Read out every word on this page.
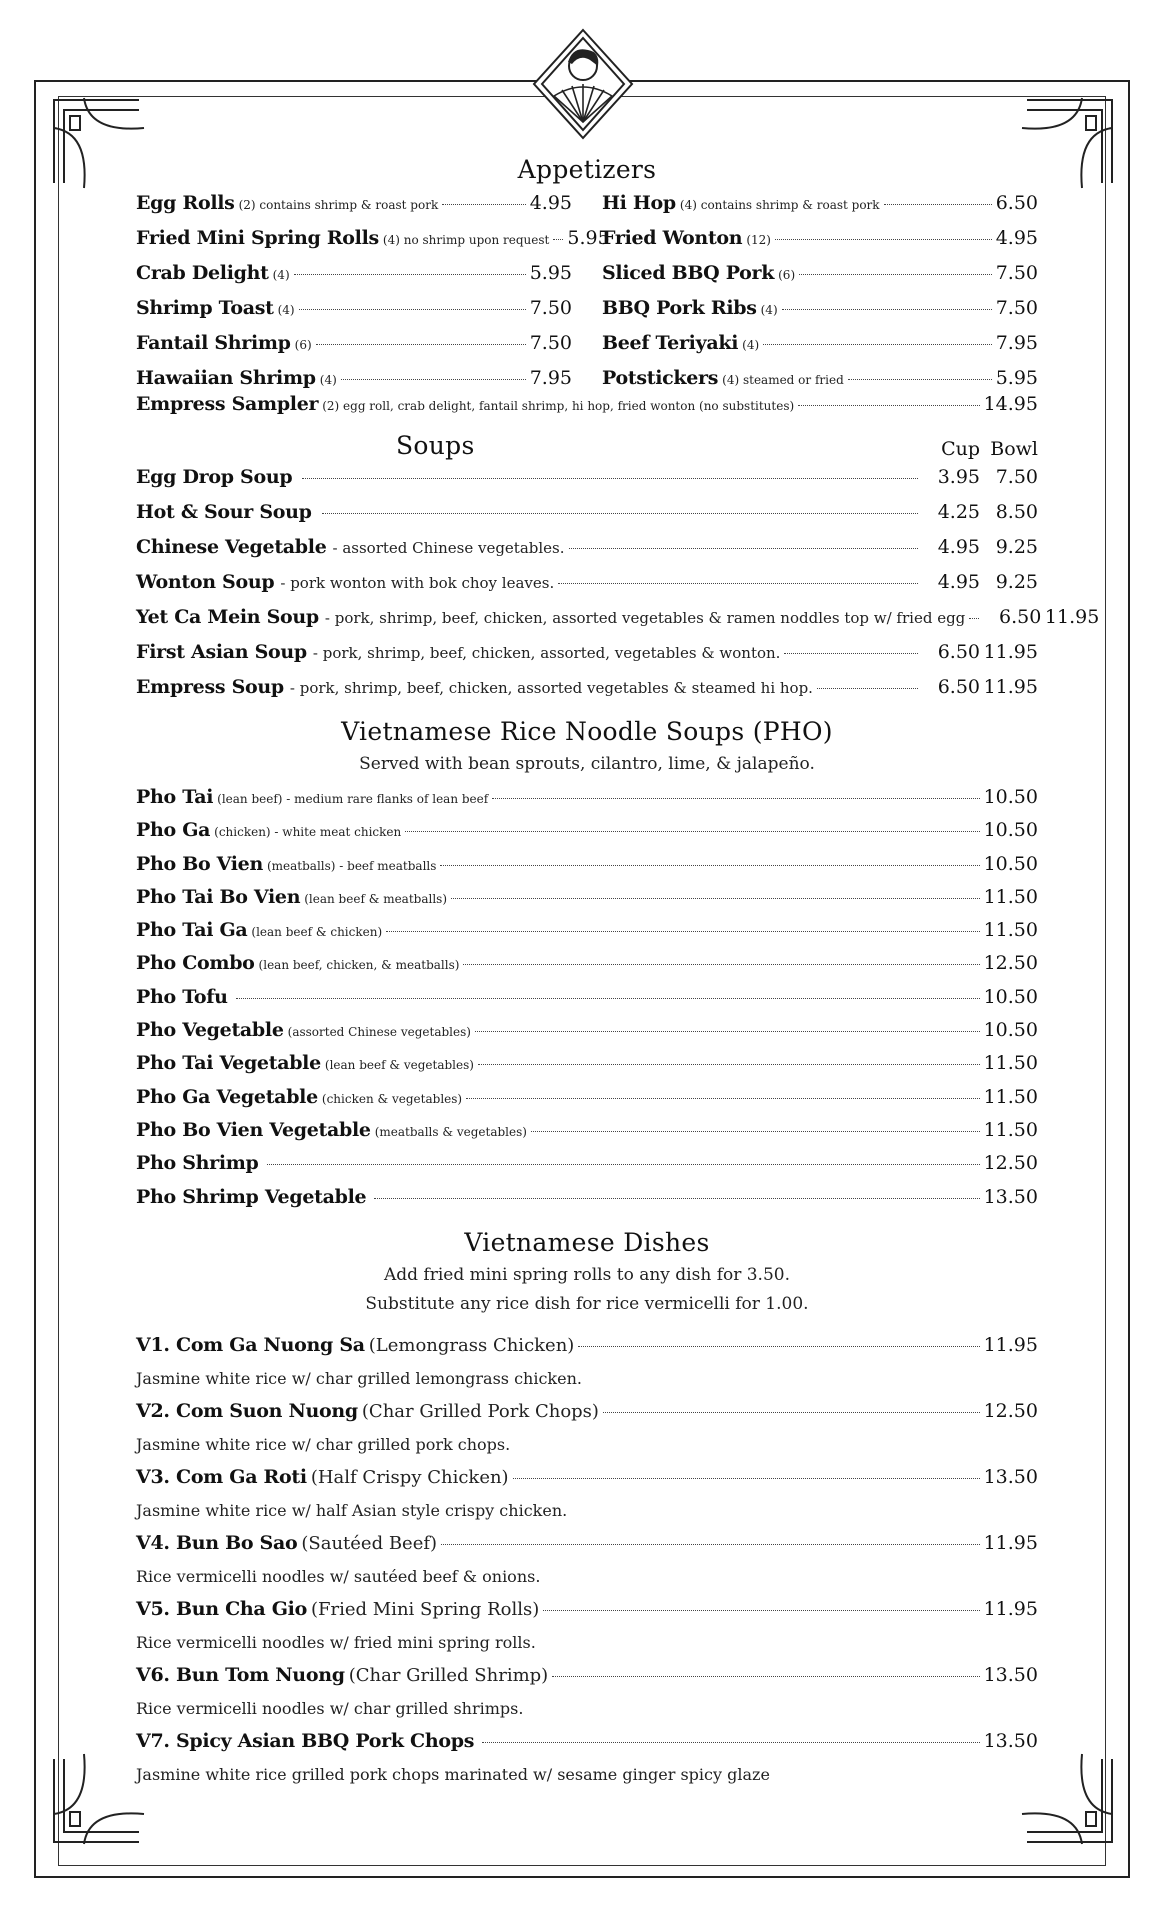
Appetizers
Egg Rolls (2) contains shrimp & roast pork	4.95
Fried Mini Spring Rolls (4) no shrimp upon request 5.95
Crab Delight (4)	5.95
Shrimp Toast (4)	7.50
Fantail Shrimp (6)	7.50
Hawaiian Shrimp (4)	7.95
Hi Hop (4) contains shrimp & roast pork	6.50
Fried Wonton (12)	4.95
Sliced BBQ Pork (6)	7.50
BBQ Pork Ribs (4)	7.50
Beef Teriyaki (4)	7.95
Potstickers (4) steamed or fried	5.95
Empress Sampler (2) egg roll, crab delight, fantail shrimp, hi hop, fried wonton (no substitutes)	14.95
Soups	Cup Bowl
Egg Drop Soup	3.95 7.50
Hot & Sour Soup	4.25 8.50
Chinese Vegetable - assorted Chinese vegetables.	4.95 9.25
Wonton Soup - pork wonton with bok choy leaves.	4.95 9.25
Yet Ca Mein Soup - pork, shrimp, beef, chicken, assorted vegetables & ramen noddles top w/ fried egg	6.50 11.95
First Asian Soup - pork, shrimp, beef, chicken, assorted, vegetables & wonton.	6.50 11.95
Empress Soup - pork, shrimp, beef, chicken, assorted vegetables & steamed hi hop.	6.50 11.95
Vietnamese Rice Noodle Soups (PHO)
Served with bean sprouts, cilantro, lime, & jalapeño.
Pho Tai (lean beef) - medium rare flanks of lean beef	10.50
Pho Ga (chicken) - white meat chicken	10.50
Pho Bo Vien (meatballs) - beef meatballs	10.50
Pho Tai Bo Vien (lean beef & meatballs)	11.50
Pho Tai Ga (lean beef & chicken)	11.50
Pho Combo (lean beef, chicken, & meatballs)	12.50
Pho Tofu	10.50
Pho Vegetable (assorted Chinese vegetables)	10.50
Pho Tai Vegetable (lean beef & vegetables)	11.50
Pho Ga Vegetable (chicken & vegetables)	11.50
Pho Bo Vien Vegetable (meatballs & vegetables)	11.50
Pho Shrimp	12.50
Pho Shrimp Vegetable	13.50
Vietnamese Dishes
Add fried mini spring rolls to any dish for 3.50.
Substitute any rice dish for rice vermicelli for 1.00.
V1. Com Ga Nuong Sa (Lemongrass Chicken)	11.95
Jasmine white rice w/ char grilled lemongrass chicken.
V2. Com Suon Nuong (Char Grilled Pork Chops)	12.50
Jasmine white rice w/ char grilled pork chops.
V3. Com Ga Roti (Half Crispy Chicken)	13.50
Jasmine white rice w/ half Asian style crispy chicken.
V4. Bun Bo Sao (Sautéed Beef)	11.95
Rice vermicelli noodles w/ sautéed beef & onions.
V5. Bun Cha Gio (Fried Mini Spring Rolls)	11.95
Rice vermicelli noodles w/ fried mini spring rolls.
V6. Bun Tom Nuong (Char Grilled Shrimp)	13.50
Rice vermicelli noodles w/ char grilled shrimps.
V7. Spicy Asian BBQ Pork Chops	13.50
Jasmine white rice grilled pork chops marinated w/ sesame ginger spicy glaze
